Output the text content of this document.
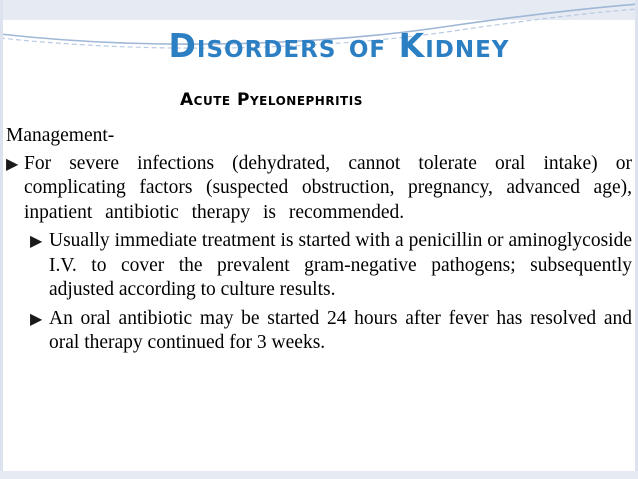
Disorders of Kidney
Acute Pyelonephritis

Management-

▶ For severe infections (dehydrated, cannot tolerate oral intake) or complicating factors (suspected obstruction, pregnancy, advanced age), inpatient antibiotic therapy is recommended.
▶ Usually immediate treatment is started with a penicillin or aminoglycoside I.V. to cover the prevalent gram-negative pathogens; subsequently adjusted according to culture results.
▶ An oral antibiotic may be started 24 hours after fever has resolved and oral therapy continued for 3 weeks.
